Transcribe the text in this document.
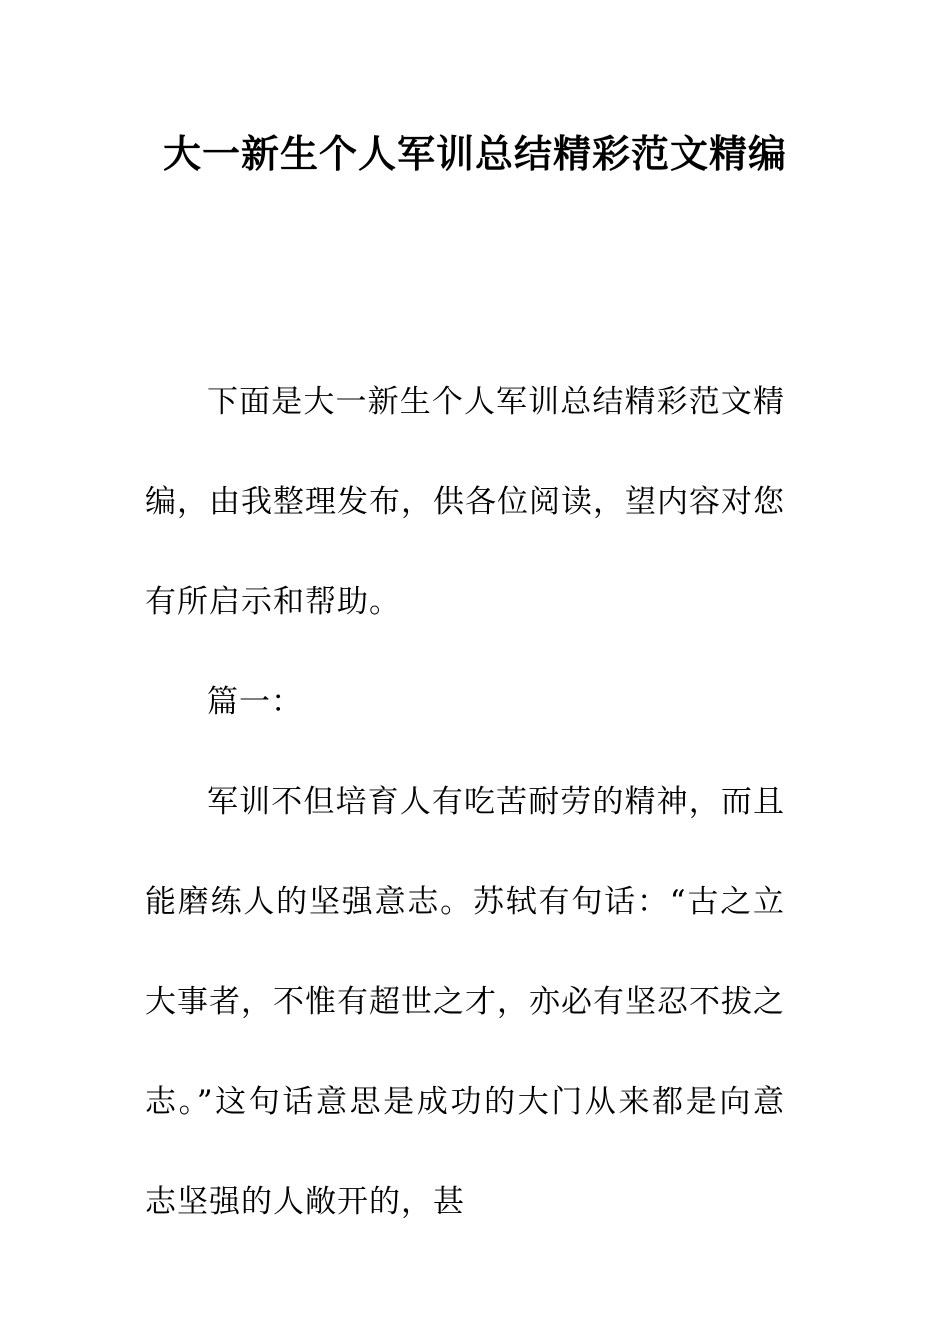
大一新生个人军训总结精彩范文精编

下面是大一新生个人军训总结精彩范文精编，由我整理发布，供各位阅读，望内容对您有所启示和帮助。

篇一：

军训不但培育人有吃苦耐劳的精神，而且能磨练人的坚强意志。苏轼有句话：“古之立大事者，不惟有超世之才，亦必有坚忍不拔之志。”这句话意思是成功的大门从来都是向意志坚强的人敞开的，甚
